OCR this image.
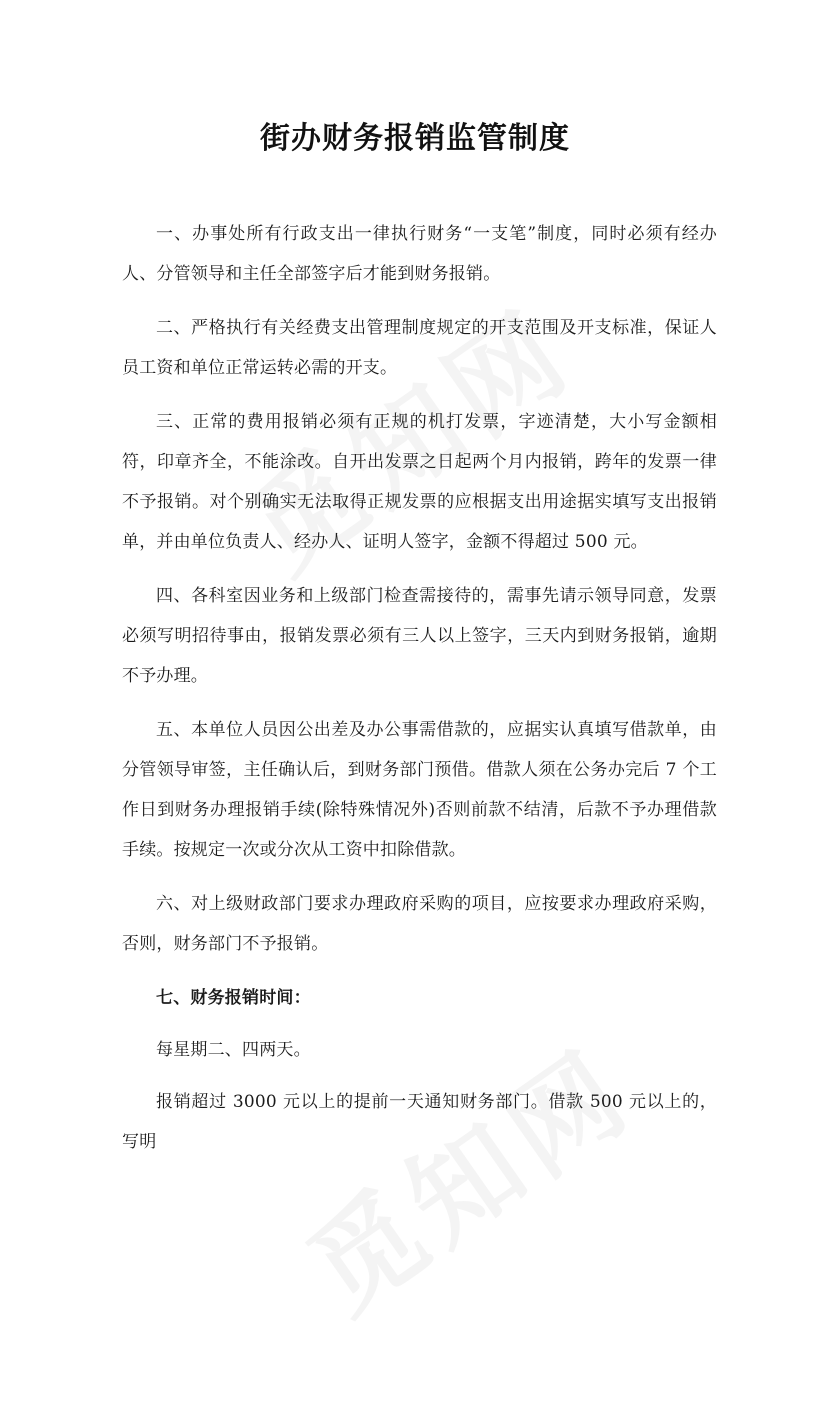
街办财务报销监管制度

一、办事处所有行政支出一律执行财务“一支笔”制度，同时必须有经办人、分管领导和主任全部签字后才能到财务报销。

二、严格执行有关经费支出管理制度规定的开支范围及开支标准，保证人员工资和单位正常运转必需的开支。

三、正常的费用报销必须有正规的机打发票，字迹清楚，大小写金额相符，印章齐全，不能涂改。自开出发票之日起两个月内报销，跨年的发票一律不予报销。对个别确实无法取得正规发票的应根据支出用途据实填写支出报销单，并由单位负责人、经办人、证明人签字，金额不得超过 500 元。

四、各科室因业务和上级部门检查需接待的，需事先请示领导同意，发票必须写明招待事由，报销发票必须有三人以上签字，三天内到财务报销，逾期不予办理。

五、本单位人员因公出差及办公事需借款的，应据实认真填写借款单，由分管领导审签，主任确认后，到财务部门预借。借款人须在公务办完后 7 个工作日到财务办理报销手续(除特殊情况外)否则前款不结清，后款不予办理借款手续。按规定一次或分次从工资中扣除借款。

六、对上级财政部门要求办理政府采购的项目，应按要求办理政府采购，否则，财务部门不予报销。

七、财务报销时间：

每星期二、四两天。

报销超过 3000 元以上的提前一天通知财务部门。借款 500 元以上的，写明
